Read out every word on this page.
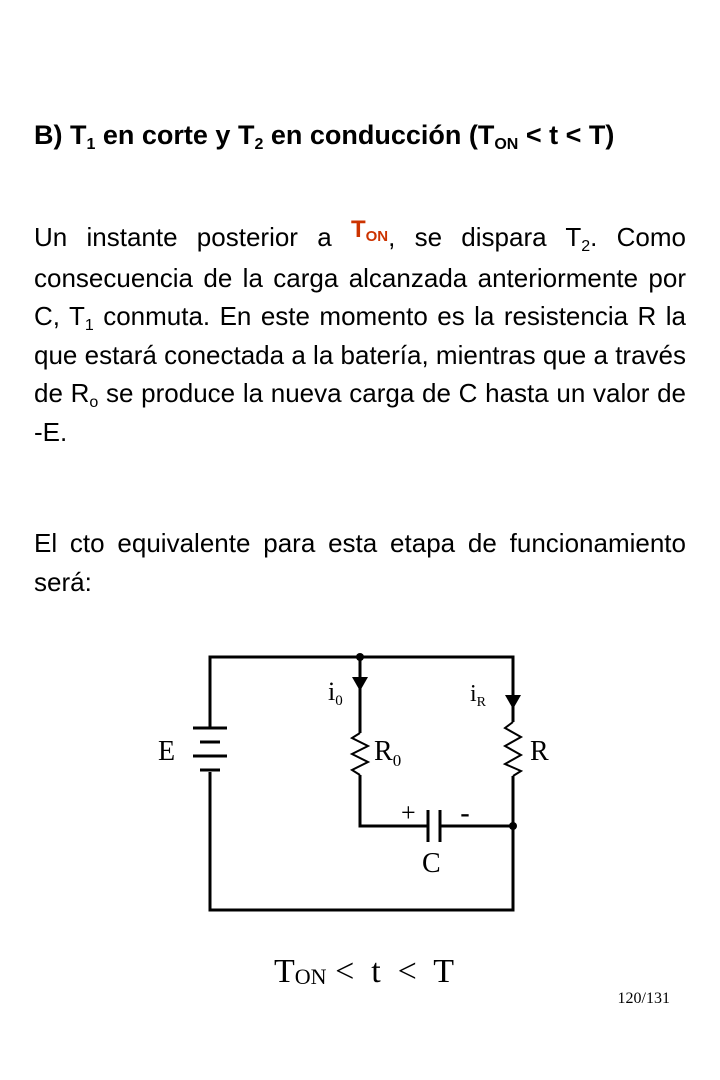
B) $T_1$ en corte y $T_2$ en conducción $(T_{ON} < t < T)$

Un instante posterior a $T_{ON}$, se dispara $T_2$. Como consecuencia de la carga alcanzada anteriormente por C, $T_1$ conmuta. En este momento es la resistencia R la que estará conectada a la batería, mientras que a través de $R_o$ se produce la nueva carga de C hasta un valor de -E.

El cto equivalente para esta etapa de funcionamiento será:

E
i0	$i_R$
$R_0$	R
C
+ -
TON <  t  <  T
120/131
